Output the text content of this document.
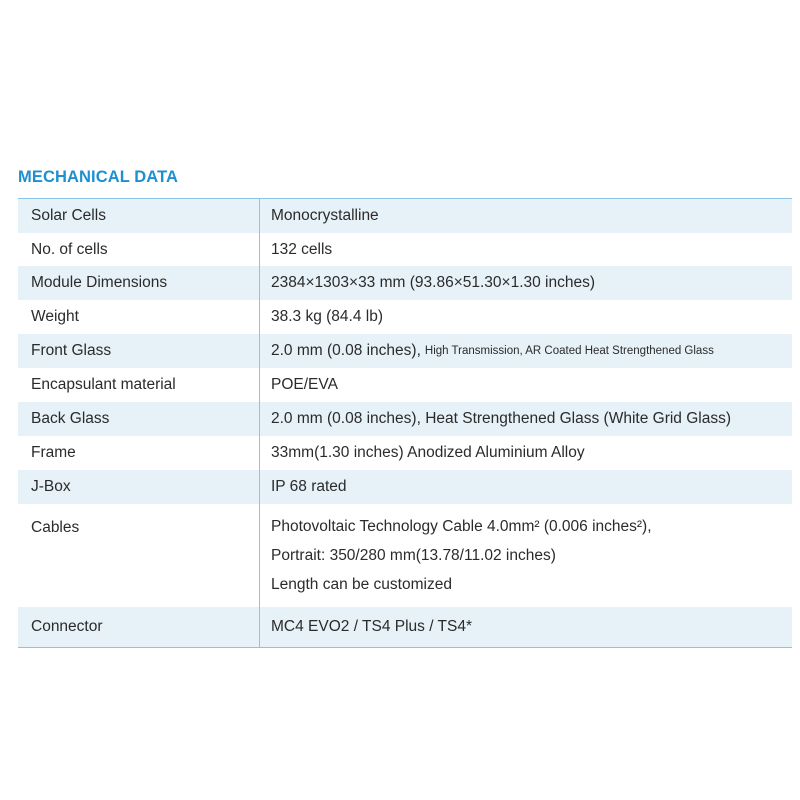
MECHANICAL DATA
Solar Cells	Monocrystalline
No. of cells	132 cells
Module Dimensions	2384×1303×33 mm (93.86×51.30×1.30 inches)
Weight	38.3 kg (84.4 lb)
Front Glass	2.0 mm (0.08 inches), High Transmission, AR Coated Heat Strengthened Glass
Encapsulant material	POE/EVA
Back Glass	2.0 mm (0.08 inches), Heat Strengthened Glass (White Grid Glass)
Frame	33mm(1.30 inches) Anodized Aluminium Alloy
J-Box	IP 68 rated
Cables	Photovoltaic Technology Cable 4.0mm² (0.006 inches²),
Portrait: 350/280 mm(13.78/11.02 inches)
Length can be customized
Connector	MC4 EVO2 / TS4 Plus / TS4*
